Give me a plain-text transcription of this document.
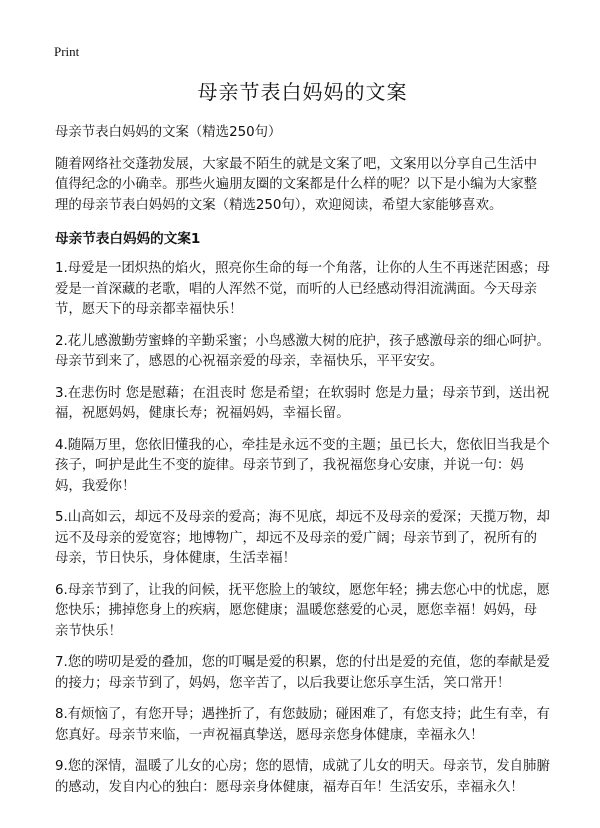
Print
母亲节表白妈妈的文案

母亲节表白妈妈的文案（精选250句）

随着网络社交蓬勃发展，大家最不陌生的就是文案了吧，文案用以分享自己生活中值得纪念的小确幸。那些火遍朋友圈的文案都是什么样的呢？以下是小编为大家整理的母亲节表白妈妈的文案（精选250句），欢迎阅读，希望大家能够喜欢。

母亲节表白妈妈的文案1

1.母爱是一团炽热的焰火，照亮你生命的每一个角落，让你的人生不再迷茫困惑；母爱是一首深藏的老歌，唱的人浑然不觉，而听的人已经感动得泪流满面。今天母亲节，愿天下的母亲都幸福快乐！

2.花儿感激勤劳蜜蜂的辛勤采蜜；小鸟感激大树的庇护，孩子感激母亲的细心呵护。母亲节到来了，感恩的心祝福亲爱的母亲，幸福快乐，平平安安。

3.在悲伤时 您是慰藉；在沮丧时 您是希望；在软弱时 您是力量；母亲节到，送出祝福，祝愿妈妈，健康长寿；祝福妈妈，幸福长留。

4.随隔万里，您依旧懂我的心，牵挂是永远不变的主题；虽已长大，您依旧当我是个孩子，呵护是此生不变的旋律。母亲节到了，我祝福您身心安康，并说一句：妈妈，我爱你！

5.山高如云，却远不及母亲的爱高；海不见底，却远不及母亲的爱深；天揽万物，却远不及母亲的爱宽容；地博物广，却远不及母亲的爱广阔；母亲节到了，祝所有的母亲，节日快乐，身体健康，生活幸福！

6.母亲节到了，让我的问候，抚平您脸上的皱纹，愿您年轻；拂去您心中的忧虑，愿您快乐；拂掉您身上的疾病，愿您健康；温暖您慈爱的心灵，愿您幸福！妈妈，母亲节快乐！

7.您的唠叨是爱的叠加，您的叮嘱是爱的积累，您的付出是爱的充值，您的奉献是爱的接力；母亲节到了，妈妈，您辛苦了，以后我要让您乐享生活，笑口常开！

8.有烦恼了，有您开导；遇挫折了，有您鼓励；碰困难了，有您支持；此生有幸，有您真好。母亲节来临，一声祝福真挚送，愿母亲您身体健康，幸福永久！

9.您的深情，温暖了儿女的心房；您的恩情，成就了儿女的明天。母亲节，发自肺腑的感动，发自内心的独白：愿母亲身体健康，福寿百年！生活安乐，幸福永久！
